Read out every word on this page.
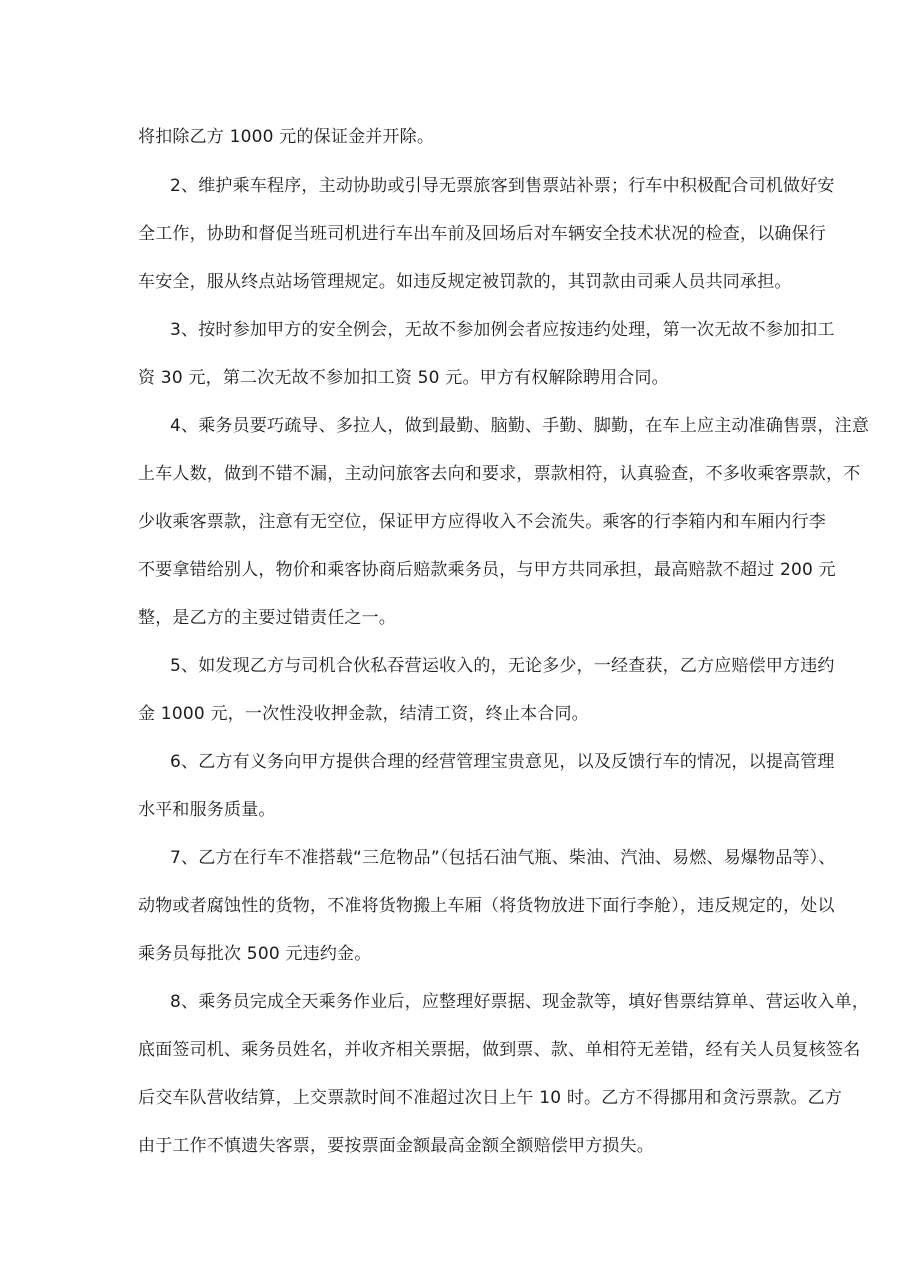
将扣除乙方 1000 元的保证金并开除。
2、维护乘车程序，主动协助或引导无票旅客到售票站补票；行车中积极配合司机做好安
全工作，协助和督促当班司机进行车出车前及回场后对车辆安全技术状况的检查，以确保行
车安全，服从终点站场管理规定。如违反规定被罚款的，其罚款由司乘人员共同承担。
3、按时参加甲方的安全例会，无故不参加例会者应按违约处理，第一次无故不参加扣工
资 30 元，第二次无故不参加扣工资 50 元。甲方有权解除聘用合同。
4、乘务员要巧疏导、多拉人，做到最勤、脑勤、手勤、脚勤，在车上应主动准确售票，注意
上车人数，做到不错不漏，主动问旅客去向和要求，票款相符，认真验查，不多收乘客票款，不
少收乘客票款，注意有无空位，保证甲方应得收入不会流失。乘客的行李箱内和车厢内行李
不要拿错给别人，物价和乘客协商后赔款乘务员，与甲方共同承担，最高赔款不超过 200 元
整，是乙方的主要过错责任之一。
5、如发现乙方与司机合伙私吞营运收入的，无论多少，一经查获，乙方应赔偿甲方违约
金 1000 元，一次性没收押金款，结清工资，终止本合同。
6、乙方有义务向甲方提供合理的经营管理宝贵意见，以及反馈行车的情况，以提高管理
水平和服务质量。
7、乙方在行车不准搭载“三危物品”（包括石油气瓶、柴油、汽油、易燃、易爆物品等）、
动物或者腐蚀性的货物，不准将货物搬上车厢（将货物放进下面行李舱），违反规定的，处以
乘务员每批次 500 元违约金。
8、乘务员完成全天乘务作业后，应整理好票据、现金款等，填好售票结算单、营运收入单，
底面签司机、乘务员姓名，并收齐相关票据，做到票、款、单相符无差错，经有关人员复核签名
后交车队营收结算，上交票款时间不准超过次日上午 10 时。乙方不得挪用和贪污票款。乙方
由于工作不慎遗失客票，要按票面金额最高金额全额赔偿甲方损失。
